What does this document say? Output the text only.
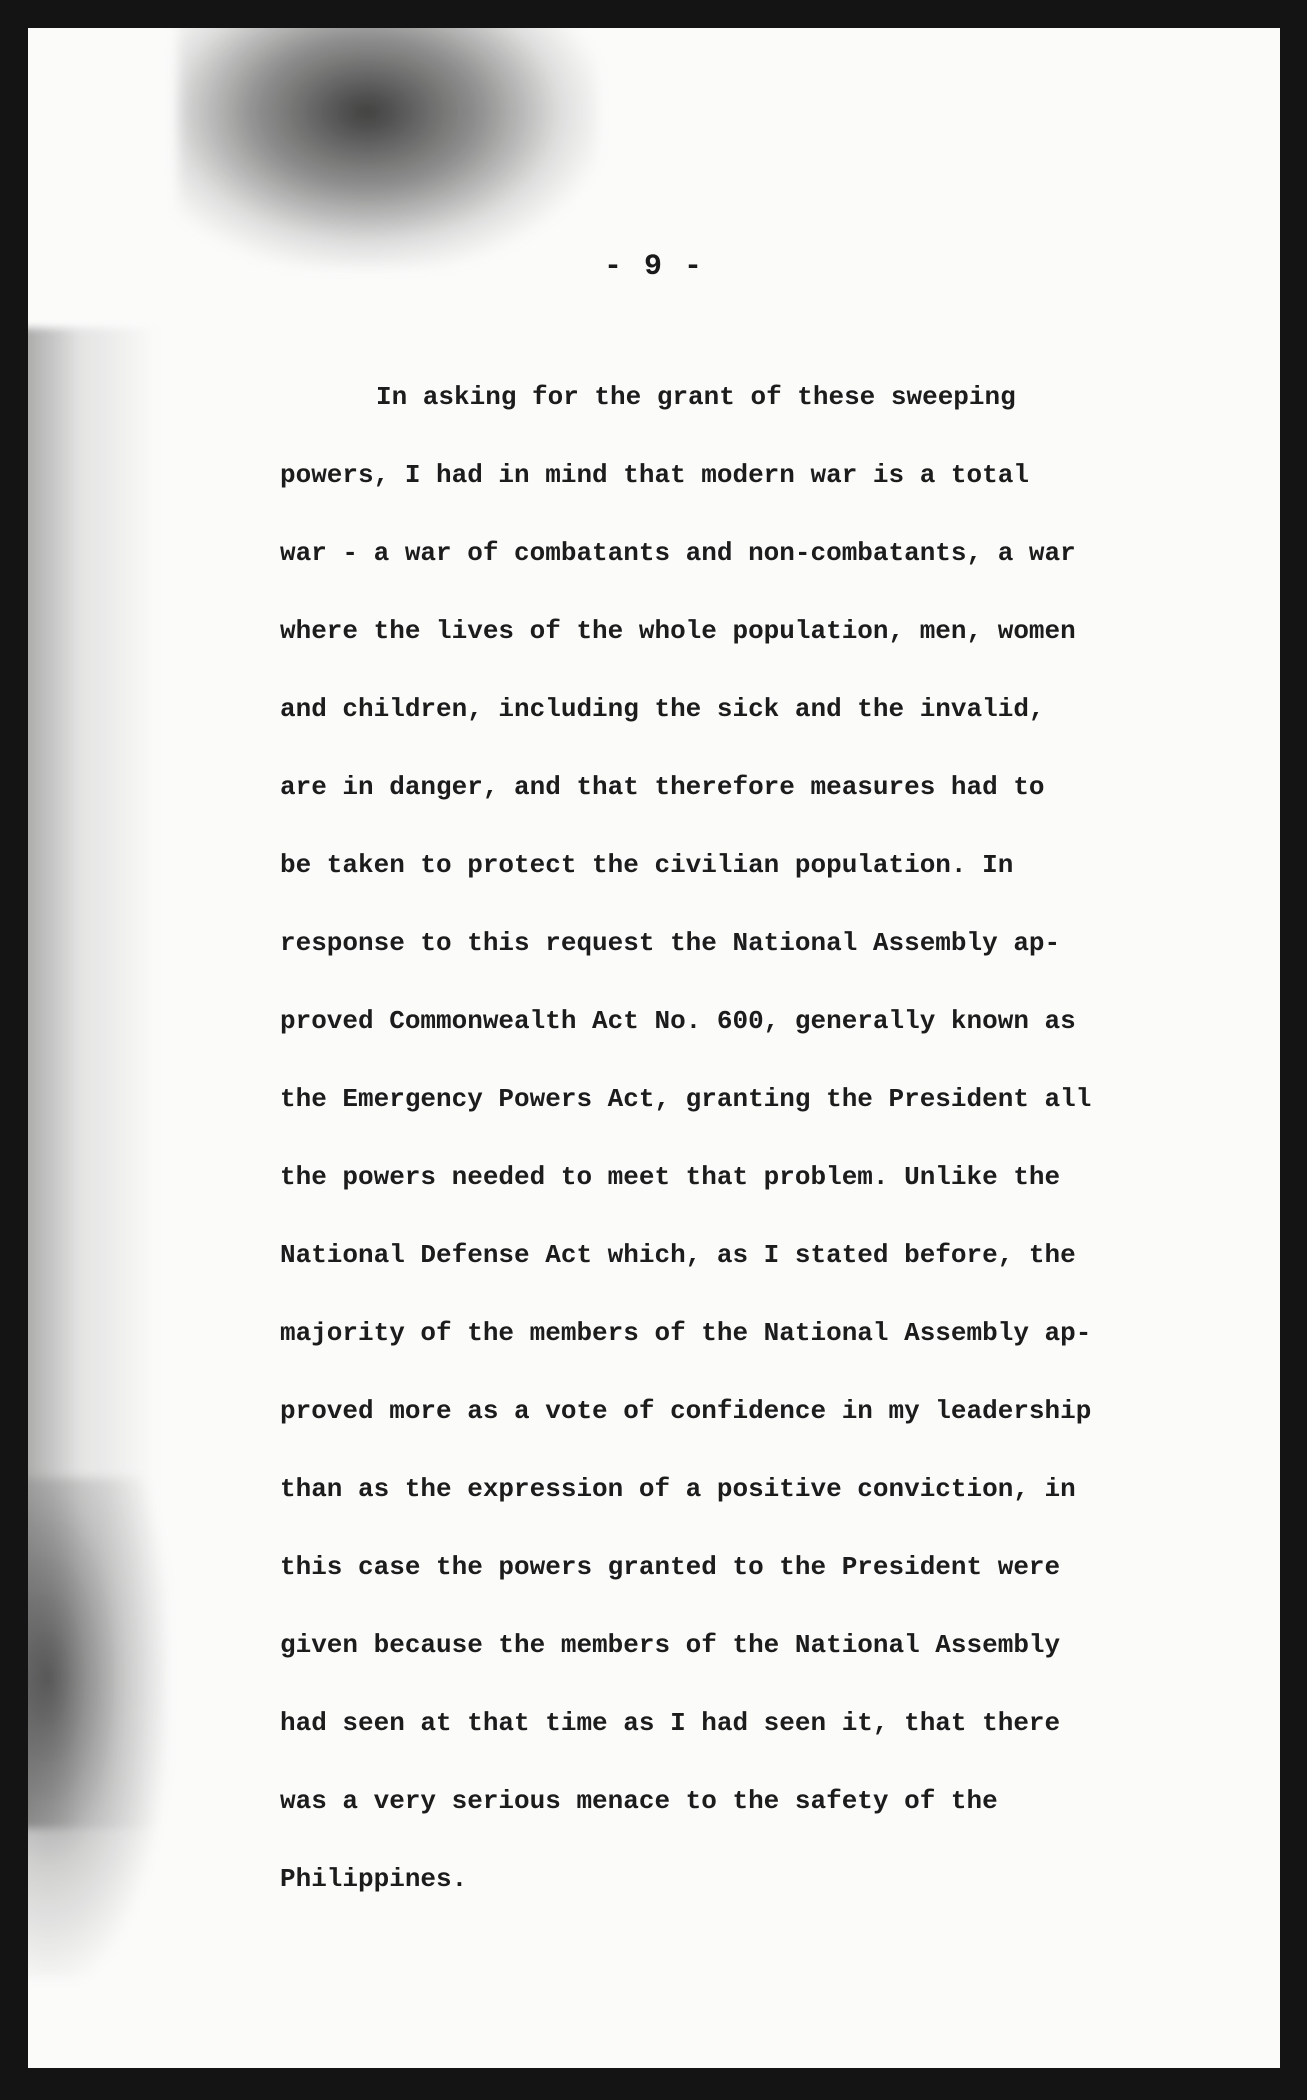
- 9 -
In asking for the grant of these sweeping
powers, I had in mind that modern war is a total
war - a war of combatants and non-combatants, a war
where the lives of the whole population, men, women
and children, including the sick and the invalid,
are in danger, and that therefore measures had to
be taken to protect the civilian population. In
response to this request the National Assembly ap-
proved Commonwealth Act No. 600, generally known as
the Emergency Powers Act, granting the President all
the powers needed to meet that problem. Unlike the
National Defense Act which, as I stated before, the
majority of the members of the National Assembly ap-
proved more as a vote of confidence in my leadership
than as the expression of a positive conviction, in
this case the powers granted to the President were
given because the members of the National Assembly
had seen at that time as I had seen it, that there
was a very serious menace to the safety of the
Philippines.
